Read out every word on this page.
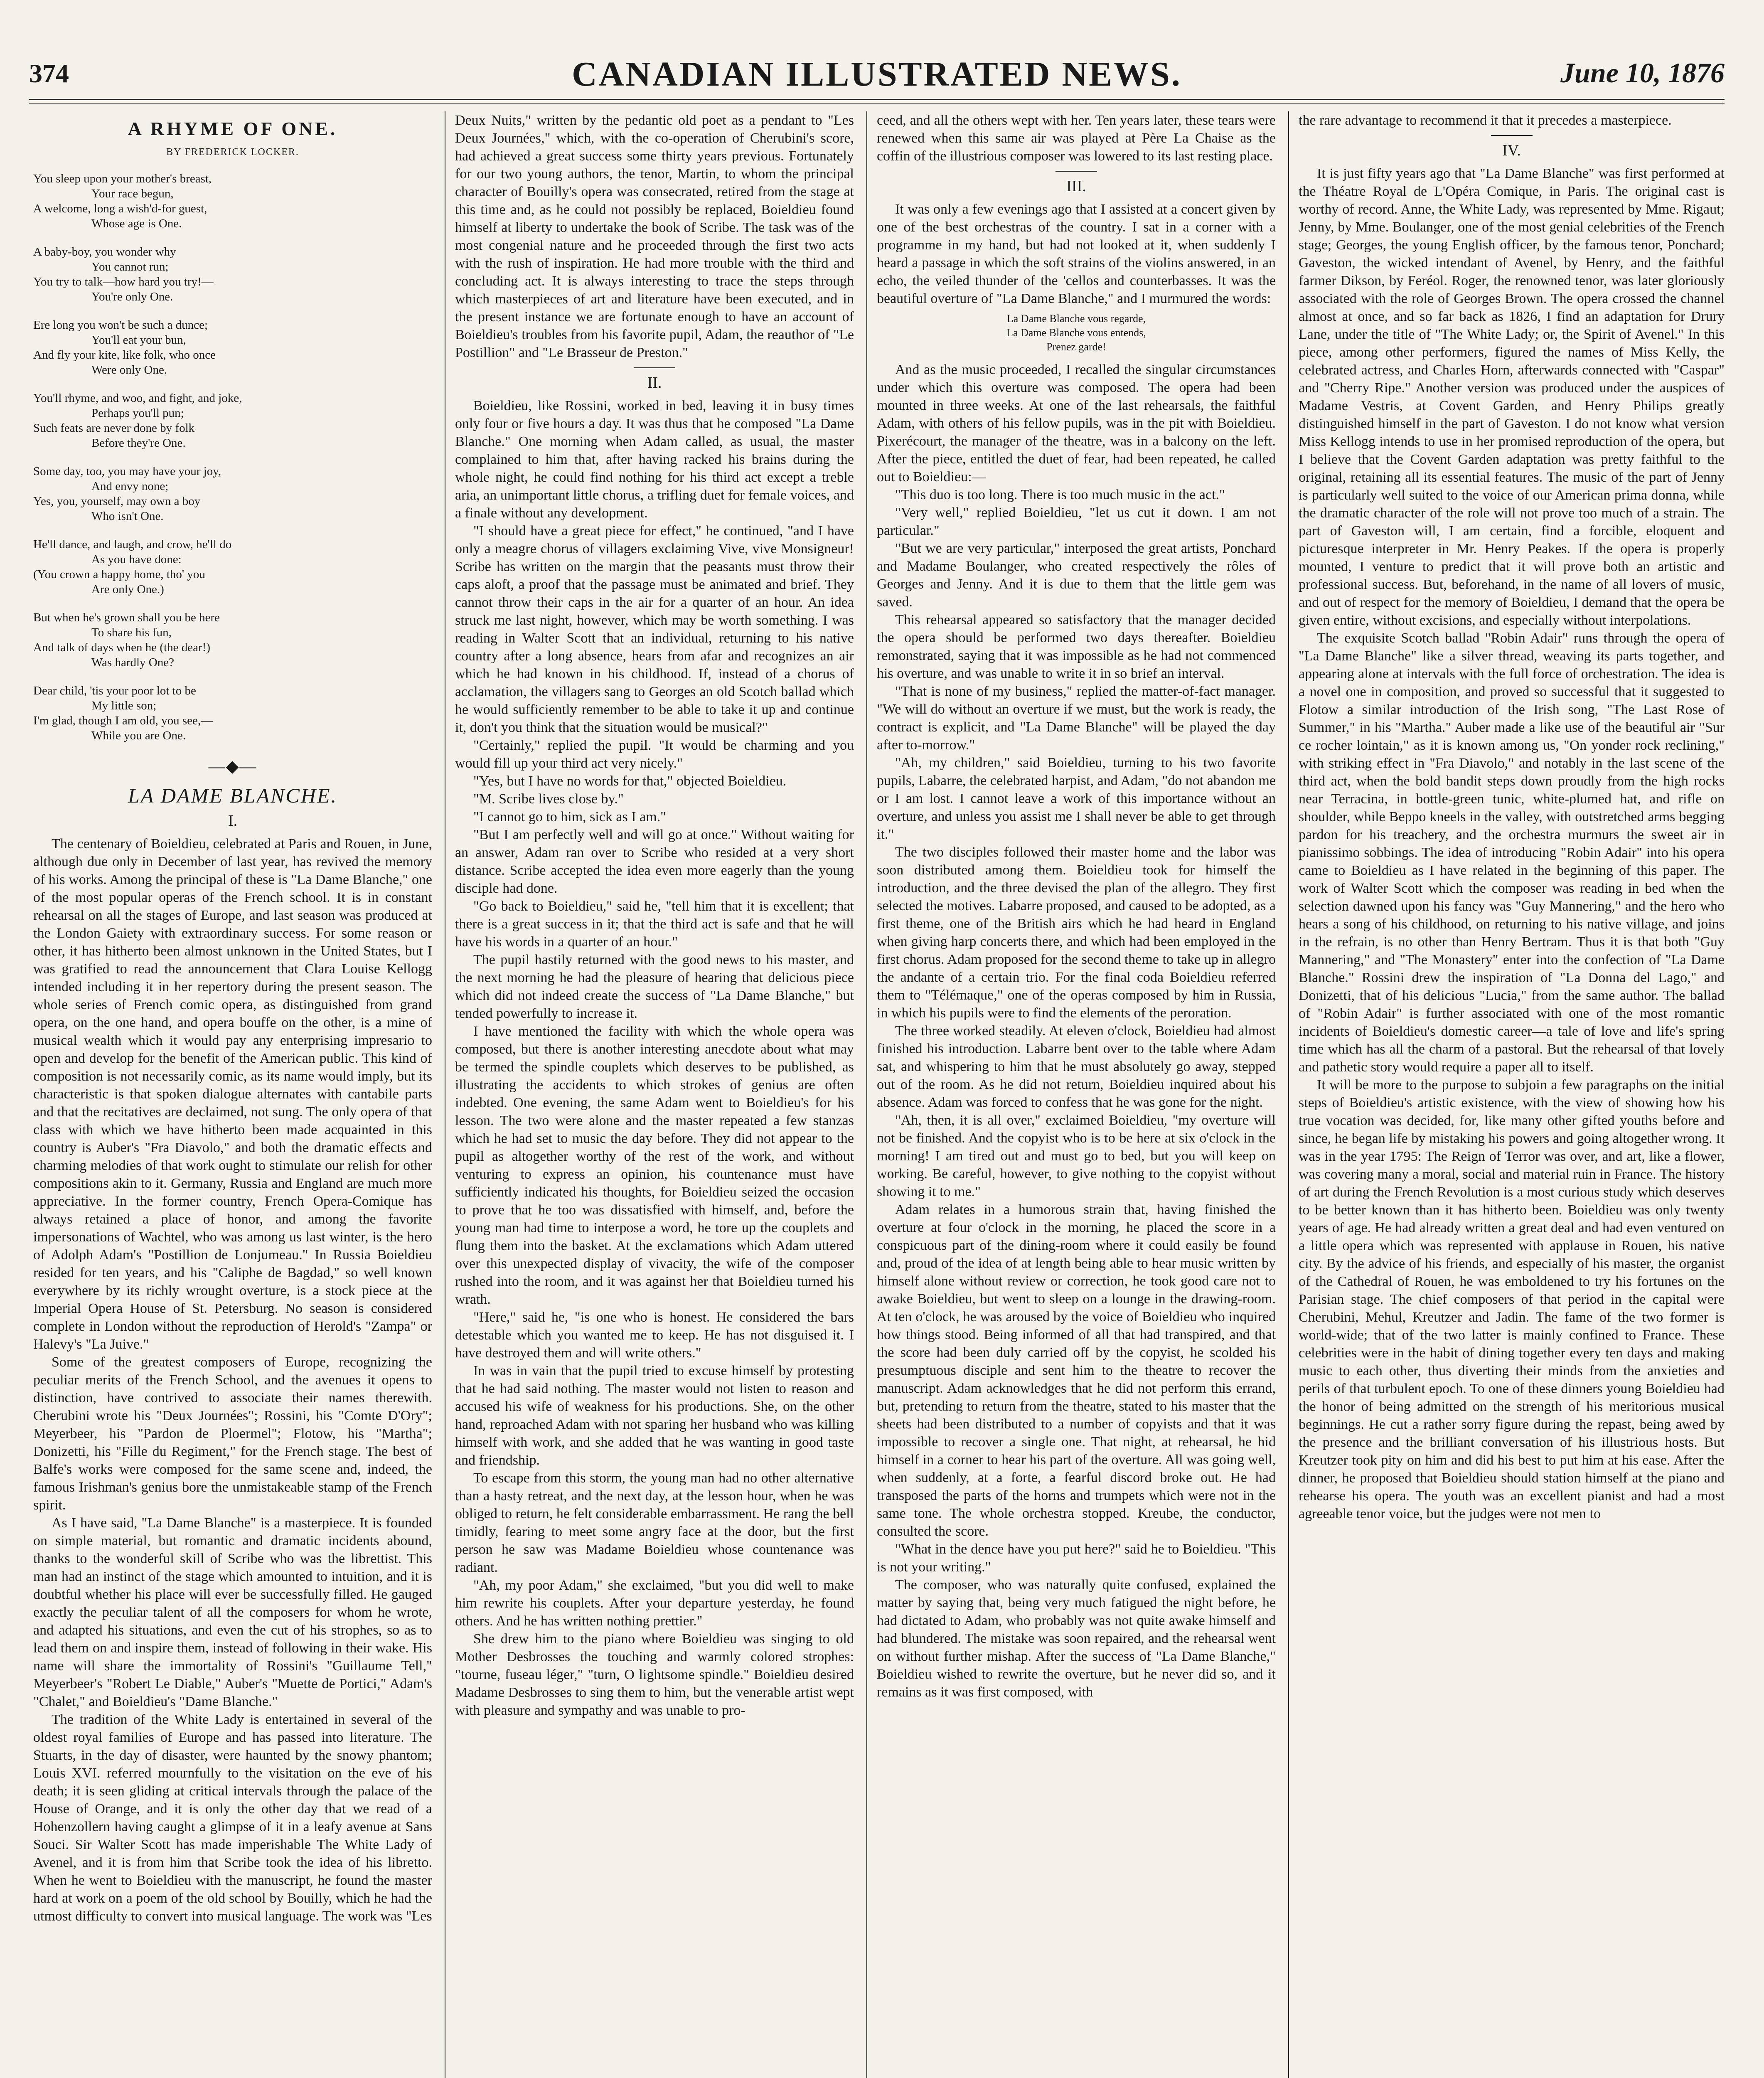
374	CANADIAN ILLUSTRATED NEWS.	June 10, 1876
A RHYME OF ONE.
BY FREDERICK LOCKER.
You sleep upon your mother's breast,
Your race begun,
A welcome, long a wish'd-for guest,
Whose age is One.
A baby-boy, you wonder why
You cannot run;
You try to talk—how hard you try!—
You're only One.
Ere long you won't be such a dunce;
You'll eat your bun,
And fly your kite, like folk, who once
Were only One.
You'll rhyme, and woo, and fight, and joke,
Perhaps you'll pun;
Such feats are never done by folk
Before they're One.
Some day, too, you may have your joy,
And envy none;
Yes, you, yourself, may own a boy
Who isn't One.
He'll dance, and laugh, and crow, he'll do
As you have done:
(You crown a happy home, tho' you
Are only One.)
But when he's grown shall you be here
To share his fun,
And talk of days when he (the dear!)
Was hardly One?
Dear child, 'tis your poor lot to be
My little son;
I'm glad, though I am old, you see,—
While you are One.
—◆—
LA DAME BLANCHE.
I.

The centenary of Boieldieu, celebrated at Paris and Rouen, in June, although due only in December of last year, has revived the memory of his works. Among the principal of these is "La Dame Blanche," one of the most popular operas of the French school. It is in constant rehearsal on all the stages of Europe, and last season was produced at the London Gaiety with extraordinary success. For some reason or other, it has hitherto been almost unknown in the United States, but I was gratified to read the announcement that Clara Louise Kellogg intended including it in her repertory during the present season. The whole series of French comic opera, as distinguished from grand opera, on the one hand, and opera bouffe on the other, is a mine of musical wealth which it would pay any enterprising impresario to open and develop for the benefit of the American public. This kind of composition is not necessarily comic, as its name would imply, but its characteristic is that spoken dialogue alternates with cantabile parts and that the recitatives are declaimed, not sung. The only opera of that class with which we have hitherto been made acquainted in this country is Auber's "Fra Diavolo," and both the dramatic effects and charming melodies of that work ought to stimulate our relish for other compositions akin to it. Germany, Russia and England are much more appreciative. In the former country, French Opera-Comique has always retained a place of honor, and among the favorite impersonations of Wachtel, who was among us last winter, is the hero of Adolph Adam's "Postillion de Lonjumeau." In Russia Boieldieu resided for ten years, and his "Caliphe de Bagdad," so well known everywhere by its richly wrought overture, is a stock piece at the Imperial Opera House of St. Petersburg. No season is considered complete in London without the reproduction of Herold's "Zampa" or Halevy's "La Juive."

Some of the greatest composers of Europe, recognizing the peculiar merits of the French School, and the avenues it opens to distinction, have contrived to associate their names therewith. Cherubini wrote his "Deux Journées"; Rossini, his "Comte D'Ory"; Meyerbeer, his "Pardon de Ploermel"; Flotow, his "Martha"; Donizetti, his "Fille du Regiment," for the French stage. The best of Balfe's works were composed for the same scene and, indeed, the famous Irishman's genius bore the unmistakeable stamp of the French spirit.

As I have said, "La Dame Blanche" is a masterpiece. It is founded on simple material, but romantic and dramatic incidents abound, thanks to the wonderful skill of Scribe who was the librettist. This man had an instinct of the stage which amounted to intuition, and it is doubtful whether his place will ever be successfully filled. He gauged exactly the peculiar talent of all the composers for whom he wrote, and adapted his situations, and even the cut of his strophes, so as to lead them on and inspire them, instead of following in their wake. His name will share the immortality of Rossini's "Guillaume Tell," Meyerbeer's "Robert Le Diable," Auber's "Muette de Portici," Adam's "Chalet," and Boieldieu's "Dame Blanche."

The tradition of the White Lady is entertained in several of the oldest royal families of Europe and has passed into literature. The Stuarts, in the day of disaster, were haunted by the snowy phantom; Louis XVI. referred mournfully to the visitation on the eve of his death; it is seen gliding at critical intervals through the palace of the House of Orange, and it is only the other day that we read of a Hohenzollern having caught a glimpse of it in a leafy avenue at Sans Souci. Sir Walter Scott has made imperishable The White Lady of Avenel, and it is from him that Scribe took the idea of his libretto. When he went to Boieldieu with the manuscript, he found the master hard at work on a poem of the old school by Bouilly, which he had the utmost difficulty to convert into musical language. The work was "Les

Deux Nuits," written by the pedantic old poet as a pendant to "Les Deux Journées," which, with the co-operation of Cherubini's score, had achieved a great success some thirty years previous. Fortunately for our two young authors, the tenor, Martin, to whom the principal character of Bouilly's opera was consecrated, retired from the stage at this time and, as he could not possibly be replaced, Boieldieu found himself at liberty to undertake the book of Scribe. The task was of the most congenial nature and he proceeded through the first two acts with the rush of inspiration. He had more trouble with the third and concluding act. It is always interesting to trace the steps through which masterpieces of art and literature have been executed, and in the present instance we are fortunate enough to have an account of Boieldieu's troubles from his favorite pupil, Adam, the reauthor of "Le Postillion" and "Le Brasseur de Preston."

II.

Boieldieu, like Rossini, worked in bed, leaving it in busy times only four or five hours a day. It was thus that he composed "La Dame Blanche." One morning when Adam called, as usual, the master complained to him that, after having racked his brains during the whole night, he could find nothing for his third act except a treble aria, an unimportant little chorus, a trifling duet for female voices, and a finale without any development.

"I should have a great piece for effect," he continued, "and I have only a meagre chorus of villagers exclaiming Vive, vive Monsigneur! Scribe has written on the margin that the peasants must throw their caps aloft, a proof that the passage must be animated and brief. They cannot throw their caps in the air for a quarter of an hour. An idea struck me last night, however, which may be worth something. I was reading in Walter Scott that an individual, returning to his native country after a long absence, hears from afar and recognizes an air which he had known in his childhood. If, instead of a chorus of acclamation, the villagers sang to Georges an old Scotch ballad which he would sufficiently remember to be able to take it up and continue it, don't you think that the situation would be musical?"

"Certainly," replied the pupil. "It would be charming and you would fill up your third act very nicely."

"Yes, but I have no words for that," objected Boieldieu.

"M. Scribe lives close by."

"I cannot go to him, sick as I am."

"But I am perfectly well and will go at once." Without waiting for an answer, Adam ran over to Scribe who resided at a very short distance. Scribe accepted the idea even more eagerly than the young disciple had done.

"Go back to Boieldieu," said he, "tell him that it is excellent; that there is a great success in it; that the third act is safe and that he will have his words in a quarter of an hour."

The pupil hastily returned with the good news to his master, and the next morning he had the pleasure of hearing that delicious piece which did not indeed create the success of "La Dame Blanche," but tended powerfully to increase it.

I have mentioned the facility with which the whole opera was composed, but there is another interesting anecdote about what may be termed the spindle couplets which deserves to be published, as illustrating the accidents to which strokes of genius are often indebted. One evening, the same Adam went to Boieldieu's for his lesson. The two were alone and the master repeated a few stanzas which he had set to music the day before. They did not appear to the pupil as altogether worthy of the rest of the work, and without venturing to express an opinion, his countenance must have sufficiently indicated his thoughts, for Boieldieu seized the occasion to prove that he too was dissatisfied with himself, and, before the young man had time to interpose a word, he tore up the couplets and flung them into the basket. At the exclamations which Adam uttered over this unexpected display of vivacity, the wife of the composer rushed into the room, and it was against her that Boieldieu turned his wrath.

"Here," said he, "is one who is honest. He considered the bars detestable which you wanted me to keep. He has not disguised it. I have destroyed them and will write others."

In was in vain that the pupil tried to excuse himself by protesting that he had said nothing. The master would not listen to reason and accused his wife of weakness for his productions. She, on the other hand, reproached Adam with not sparing her husband who was killing himself with work, and she added that he was wanting in good taste and friendship.

To escape from this storm, the young man had no other alternative than a hasty retreat, and the next day, at the lesson hour, when he was obliged to return, he felt considerable embarrassment. He rang the bell timidly, fearing to meet some angry face at the door, but the first person he saw was Madame Boieldieu whose countenance was radiant.

"Ah, my poor Adam," she exclaimed, "but you did well to make him rewrite his couplets. After your departure yesterday, he found others. And he has written nothing prettier."

She drew him to the piano where Boieldieu was singing to old Mother Desbrosses the touching and warmly colored strophes: "tourne, fuseau léger," "turn, O lightsome spindle." Boieldieu desired Madame Desbrosses to sing them to him, but the venerable artist wept with pleasure and sympathy and was unable to pro-

ceed, and all the others wept with her. Ten years later, these tears were renewed when this same air was played at Père La Chaise as the coffin of the illustrious composer was lowered to its last resting place.

III.

It was only a few evenings ago that I assisted at a concert given by one of the best orchestras of the country. I sat in a corner with a programme in my hand, but had not looked at it, when suddenly I heard a passage in which the soft strains of the violins answered, in an echo, the veiled thunder of the 'cellos and counterbasses. It was the beautiful overture of "La Dame Blanche," and I murmured the words:

La Dame Blanche vous regarde,
La Dame Blanche vous entends,
Prenez garde!

And as the music proceeded, I recalled the singular circumstances under which this overture was composed. The opera had been mounted in three weeks. At one of the last rehearsals, the faithful Adam, with others of his fellow pupils, was in the pit with Boieldieu. Pixerécourt, the manager of the theatre, was in a balcony on the left. After the piece, entitled the duet of fear, had been repeated, he called out to Boieldieu:—

"This duo is too long. There is too much music in the act."

"Very well," replied Boieldieu, "let us cut it down. I am not particular."

"But we are very particular," interposed the great artists, Ponchard and Madame Boulanger, who created respectively the rôles of Georges and Jenny. And it is due to them that the little gem was saved.

This rehearsal appeared so satisfactory that the manager decided the opera should be performed two days thereafter. Boieldieu remonstrated, saying that it was impossible as he had not commenced his overture, and was unable to write it in so brief an interval.

"That is none of my business," replied the matter-of-fact manager. "We will do without an overture if we must, but the work is ready, the contract is explicit, and "La Dame Blanche" will be played the day after to-morrow."

"Ah, my children," said Boieldieu, turning to his two favorite pupils, Labarre, the celebrated harpist, and Adam, "do not abandon me or I am lost. I cannot leave a work of this importance without an overture, and unless you assist me I shall never be able to get through it."

The two disciples followed their master home and the labor was soon distributed among them. Boieldieu took for himself the introduction, and the three devised the plan of the allegro. They first selected the motives. Labarre proposed, and caused to be adopted, as a first theme, one of the British airs which he had heard in England when giving harp concerts there, and which had been employed in the first chorus. Adam proposed for the second theme to take up in allegro the andante of a certain trio. For the final coda Boieldieu referred them to "Télémaque," one of the operas composed by him in Russia, in which his pupils were to find the elements of the peroration.

The three worked steadily. At eleven o'clock, Boieldieu had almost finished his introduction. Labarre bent over to the table where Adam sat, and whispering to him that he must absolutely go away, stepped out of the room. As he did not return, Boieldieu inquired about his absence. Adam was forced to confess that he was gone for the night.

"Ah, then, it is all over," exclaimed Boieldieu, "my overture will not be finished. And the copyist who is to be here at six o'clock in the morning! I am tired out and must go to bed, but you will keep on working. Be careful, however, to give nothing to the copyist without showing it to me."

Adam relates in a humorous strain that, having finished the overture at four o'clock in the morning, he placed the score in a conspicuous part of the dining-room where it could easily be found and, proud of the idea of at length being able to hear music written by himself alone without review or correction, he took good care not to awake Boieldieu, but went to sleep on a lounge in the drawing-room. At ten o'clock, he was aroused by the voice of Boieldieu who inquired how things stood. Being informed of all that had transpired, and that the score had been duly carried off by the copyist, he scolded his presumptuous disciple and sent him to the theatre to recover the manuscript. Adam acknowledges that he did not perform this errand, but, pretending to return from the theatre, stated to his master that the sheets had been distributed to a number of copyists and that it was impossible to recover a single one. That night, at rehearsal, he hid himself in a corner to hear his part of the overture. All was going well, when suddenly, at a forte, a fearful discord broke out. He had transposed the parts of the horns and trumpets which were not in the same tone. The whole orchestra stopped. Kreube, the conductor, consulted the score.

"What in the dence have you put here?" said he to Boieldieu. "This is not your writing."

The composer, who was naturally quite confused, explained the matter by saying that, being very much fatigued the night before, he had dictated to Adam, who probably was not quite awake himself and had blundered. The mistake was soon repaired, and the rehearsal went on without further mishap. After the success of "La Dame Blanche," Boieldieu wished to rewrite the overture, but he never did so, and it remains as it was first composed, with

the rare advantage to recommend it that it precedes a masterpiece.

IV.

It is just fifty years ago that "La Dame Blanche" was first performed at the Théatre Royal de L'Opéra Comique, in Paris. The original cast is worthy of record. Anne, the White Lady, was represented by Mme. Rigaut; Jenny, by Mme. Boulanger, one of the most genial celebrities of the French stage; Georges, the young English officer, by the famous tenor, Ponchard; Gaveston, the wicked intendant of Avenel, by Henry, and the faithful farmer Dikson, by Feréol. Roger, the renowned tenor, was later gloriously associated with the role of Georges Brown. The opera crossed the channel almost at once, and so far back as 1826, I find an adaptation for Drury Lane, under the title of "The White Lady; or, the Spirit of Avenel." In this piece, among other performers, figured the names of Miss Kelly, the celebrated actress, and Charles Horn, afterwards connected with "Caspar" and "Cherry Ripe." Another version was produced under the auspices of Madame Vestris, at Covent Garden, and Henry Philips greatly distinguished himself in the part of Gaveston. I do not know what version Miss Kellogg intends to use in her promised reproduction of the opera, but I believe that the Covent Garden adaptation was pretty faithful to the original, retaining all its essential features. The music of the part of Jenny is particularly well suited to the voice of our American prima donna, while the dramatic character of the role will not prove too much of a strain. The part of Gaveston will, I am certain, find a forcible, eloquent and picturesque interpreter in Mr. Henry Peakes. If the opera is properly mounted, I venture to predict that it will prove both an artistic and professional success. But, beforehand, in the name of all lovers of music, and out of respect for the memory of Boieldieu, I demand that the opera be given entire, without excisions, and especially without interpolations.

The exquisite Scotch ballad "Robin Adair" runs through the opera of "La Dame Blanche" like a silver thread, weaving its parts together, and appearing alone at intervals with the full force of orchestration. The idea is a novel one in composition, and proved so successful that it suggested to Flotow a similar introduction of the Irish song, "The Last Rose of Summer," in his "Martha." Auber made a like use of the beautiful air "Sur ce rocher lointain," as it is known among us, "On yonder rock reclining," with striking effect in "Fra Diavolo," and notably in the last scene of the third act, when the bold bandit steps down proudly from the high rocks near Terracina, in bottle-green tunic, white-plumed hat, and rifle on shoulder, while Beppo kneels in the valley, with outstretched arms begging pardon for his treachery, and the orchestra murmurs the sweet air in pianissimo sobbings. The idea of introducing "Robin Adair" into his opera came to Boieldieu as I have related in the beginning of this paper. The work of Walter Scott which the composer was reading in bed when the selection dawned upon his fancy was "Guy Mannering," and the hero who hears a song of his childhood, on returning to his native village, and joins in the refrain, is no other than Henry Bertram. Thus it is that both "Guy Mannering," and "The Monastery" enter into the confection of "La Dame Blanche." Rossini drew the inspiration of "La Donna del Lago," and Donizetti, that of his delicious "Lucia," from the same author. The ballad of "Robin Adair" is further associated with one of the most romantic incidents of Boieldieu's domestic career—a tale of love and life's spring time which has all the charm of a pastoral. But the rehearsal of that lovely and pathetic story would require a paper all to itself.

It will be more to the purpose to subjoin a few paragraphs on the initial steps of Boieldieu's artistic existence, with the view of showing how his true vocation was decided, for, like many other gifted youths before and since, he began life by mistaking his powers and going altogether wrong. It was in the year 1795: The Reign of Terror was over, and art, like a flower, was covering many a moral, social and material ruin in France. The history of art during the French Revolution is a most curious study which deserves to be better known than it has hitherto been. Boieldieu was only twenty years of age. He had already written a great deal and had even ventured on a little opera which was represented with applause in Rouen, his native city. By the advice of his friends, and especially of his master, the organist of the Cathedral of Rouen, he was emboldened to try his fortunes on the Parisian stage. The chief composers of that period in the capital were Cherubini, Mehul, Kreutzer and Jadin. The fame of the two former is world-wide; that of the two latter is mainly confined to France. These celebrities were in the habit of dining together every ten days and making music to each other, thus diverting their minds from the anxieties and perils of that turbulent epoch. To one of these dinners young Boieldieu had the honor of being admitted on the strength of his meritorious musical beginnings. He cut a rather sorry figure during the repast, being awed by the presence and the brilliant conversation of his illustrious hosts. But Kreutzer took pity on him and did his best to put him at his ease. After the dinner, he proposed that Boieldieu should station himself at the piano and rehearse his opera. The youth was an excellent pianist and had a most agreeable tenor voice, but the judges were not men to
